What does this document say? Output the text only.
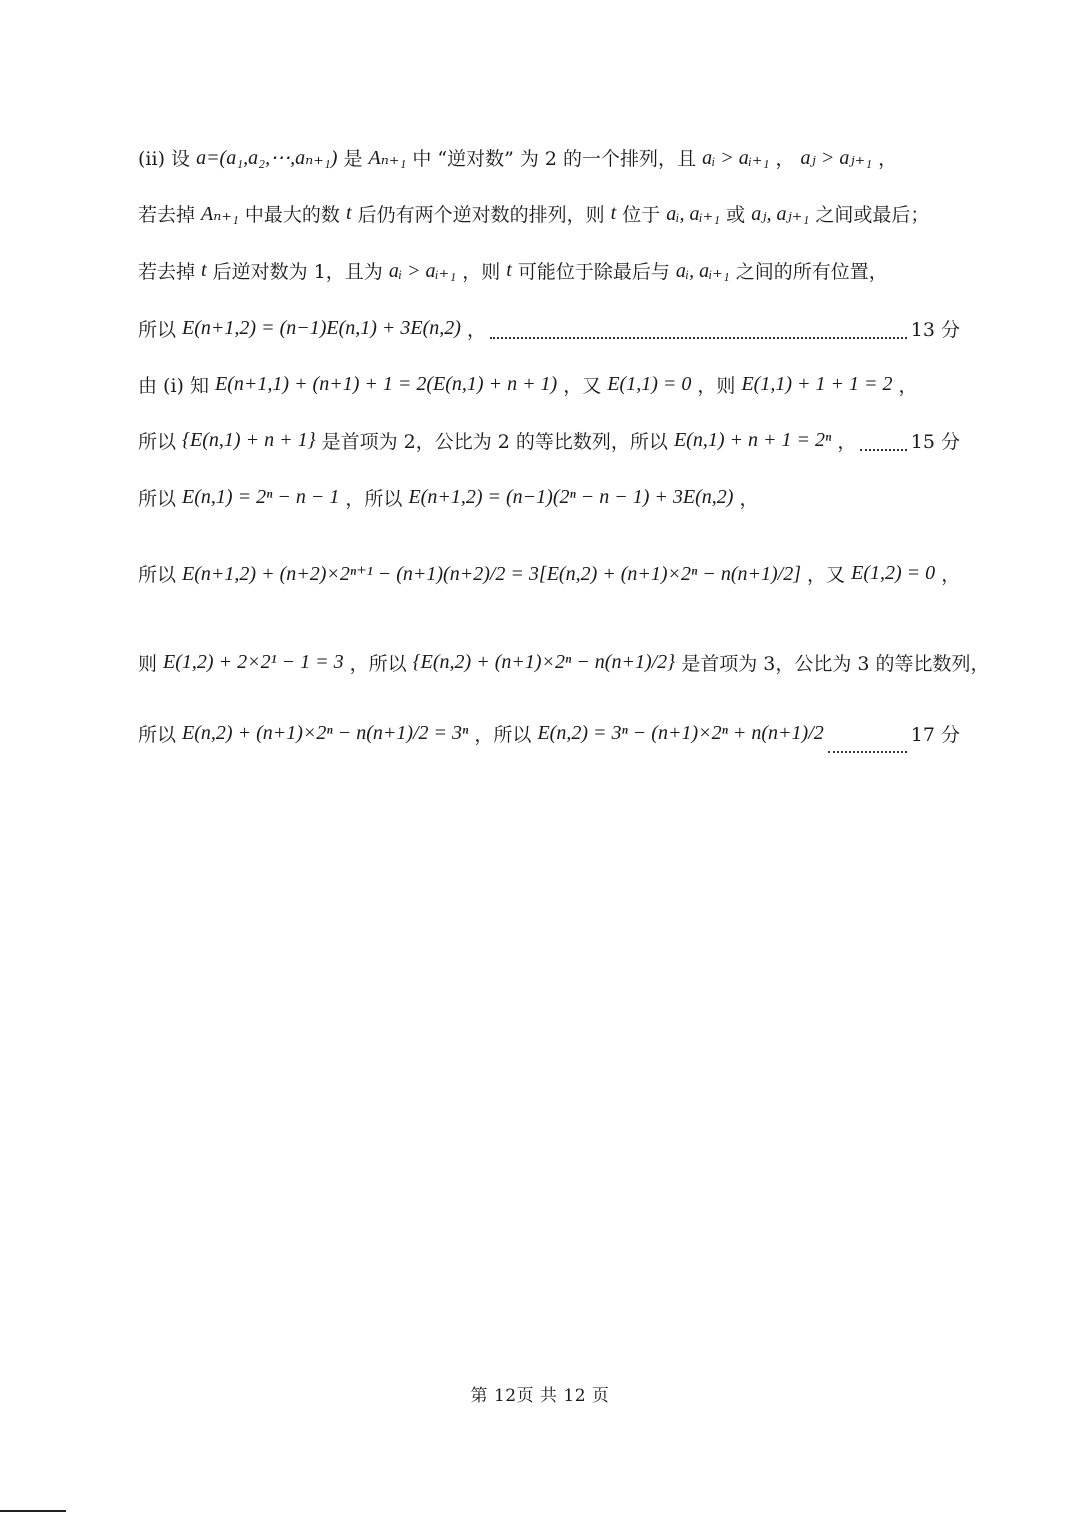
(ii) 设 a=(a₁,a₂,⋯,aₙ₊₁) 是 Aₙ₊₁ 中 “逆对数” 为 2 的一个排列，且 aᵢ > aᵢ₊₁ ， aⱼ > aⱼ₊₁ ，
若去掉 Aₙ₊₁ 中最大的数 t 后仍有两个逆对数的排列，则 t 位于 aᵢ, aᵢ₊₁ 或 aⱼ, aⱼ₊₁ 之间或最后；
若去掉 t 后逆对数为 1，且为 aᵢ > aᵢ₊₁ ，则 t 可能位于除最后与 aᵢ, aᵢ₊₁ 之间的所有位置，
所以 E(n+1,2) = (n−1)E(n,1) + 3E(n,2) ，	13 分
由 (i) 知 E(n+1,1) + (n+1) + 1 = 2(E(n,1) + n + 1) ，又 E(1,1) = 0 ，则 E(1,1) + 1 + 1 = 2 ，
所以 {E(n,1) + n + 1} 是首项为 2，公比为 2 的等比数列，所以 E(n,1) + n + 1 = 2ⁿ ，	15 分
所以 E(n,1) = 2ⁿ − n − 1 ，所以 E(n+1,2) = (n−1)(2ⁿ − n − 1) + 3E(n,2) ，
所以 E(n+1,2) + (n+2)×2ⁿ⁺¹ − (n+1)(n+2)/2 = 3[E(n,2) + (n+1)×2ⁿ − n(n+1)/2] ，又 E(1,2) = 0 ，
则 E(1,2) + 2×2¹ − 1 = 3 ，所以 {E(n,2) + (n+1)×2ⁿ − n(n+1)/2} 是首项为 3，公比为 3 的等比数列，
所以 E(n,2) + (n+1)×2ⁿ − n(n+1)/2 = 3ⁿ ，所以 E(n,2) = 3ⁿ − (n+1)×2ⁿ + n(n+1)/2	17 分
第 12页 共 12 页
